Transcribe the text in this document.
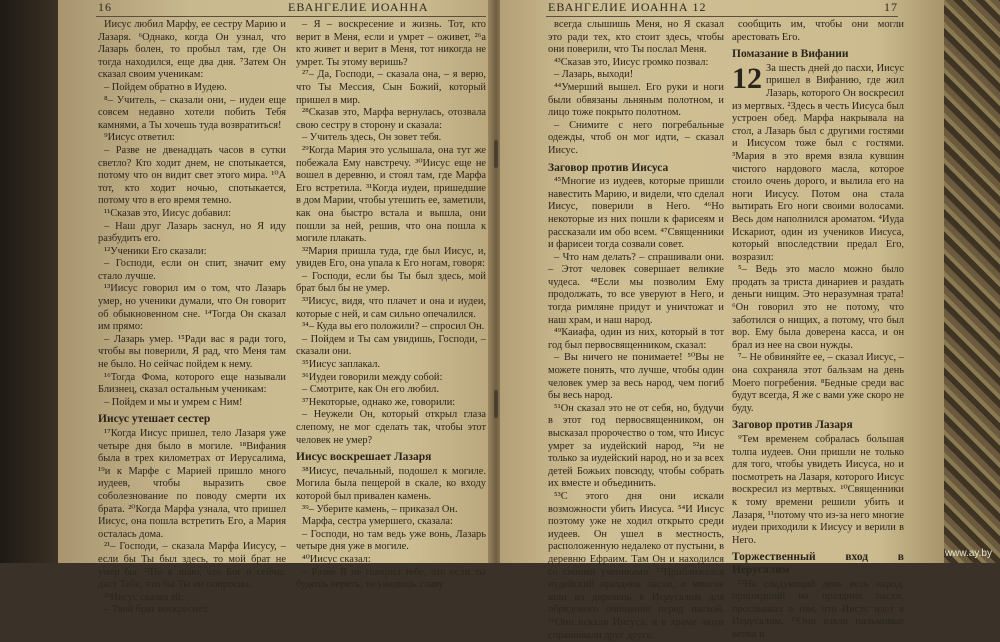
16	ЕВАНГЕЛИЕ ИОАННА

Иисус любил Марфу, ее сестру Марию и Лазаря. ⁶Однако, когда Он узнал, что Лазарь болен, то пробыл там, где Он тогда находился, еще два дня. ⁷Затем Он сказал своим ученикам:

– Пойдем обратно в Иудею.

⁸– Учитель, – сказали они, – иудеи еще совсем недавно хотели побить Тебя камнями, а Ты хочешь туда возвратиться!

⁹Иисус ответил:

– Разве не двенадцать часов в сутки светло? Кто ходит днем, не спотыкается, потому что он видит свет этого мира. ¹⁰А тот, кто ходит ночью, спотыкается, потому что в его время темно.

¹¹Сказав это, Иисус добавил:

– Наш друг Лазарь заснул, но Я иду разбудить его.

¹²Ученики Его сказали:

– Господи, если он спит, значит ему стало лучше.

¹³Иисус говорил им о том, что Лазарь умер, но ученики думали, что Он говорит об обыкновенном сне. ¹⁴Тогда Он сказал им прямо:

– Лазарь умер. ¹⁵Ради вас я ради того, чтобы вы поверили, Я рад, что Меня там не было. Но сейчас пойдем к нему.

¹⁶Тогда Фома, которого еще называли Близнец, сказал остальным ученикам:

– Пойдем и мы и умрем с Ним!

Иисус утешает сестер

¹⁷Когда Иисус пришел, тело Лазаря уже четыре дня было в могиле. ¹⁸Вифания была в трех километрах от Иерусалима, ¹⁹и к Марфе с Марией пришло много иудеев, чтобы выразить свое соболезнование по поводу смерти их брата. ²⁰Когда Марфа узнала, что пришел Иисус, она пошла встретить Его, а Мария осталась дома.

²¹– Господи, – сказала Марфа Иисусу, – если бы Ты был здесь, то мой брат не умер бы. ²²Но я знаю, что Бог и сейчас даст Тебе, что бы Ты ни попросил.

²³Иисус сказал ей:

– Твой брат воскреснет.

– Я – воскресение и жизнь. Тот, кто верит в Меня, если и умрет – оживет, ²⁶а кто живет и верит в Меня, тот никогда не умрет. Ты этому веришь?

²⁷– Да, Господи, – сказала она, – я верю, что Ты Мессия, Сын Божий, который пришел в мир.

²⁸Сказав это, Марфа вернулась, отозвала свою сестру в сторону и сказала:

– Учитель здесь, Он зовет тебя.

²⁹Когда Мария это услышала, она тут же побежала Ему навстречу. ³⁰Иисус еще не вошел в деревню, и стоял там, где Марфа Его встретила. ³¹Когда иудеи, пришедшие в дом Марии, чтобы утешить ее, заметили, как она быстро встала и вышла, они пошли за ней, решив, что она пошла к могиле плакать.

³²Мария пришла туда, где был Иисус, и, увидев Его, она упала к Его ногам, говоря:

– Господи, если бы Ты был здесь, мой брат был бы не умер.

³³Иисус, видя, что плачет и она и иудеи, которые с ней, и сам сильно опечалился.

³⁴– Куда вы его положили? – спросил Он.

– Пойдем и Ты сам увидишь, Господи, – сказали они.

³⁵Иисус заплакал.

³⁶Иудеи говорили между собой:

– Смотрите, как Он его любил.

³⁷Некоторые, однако же, говорили:

– Неужели Он, который открыл глаза слепому, не мог сделать так, чтобы этот человек не умер?

Иисус воскрешает Лазаря

³⁸Иисус, печальный, подошел к могиле. Могила была пещерой в скале, ко входу которой был привален камень.

³⁹– Уберите камень, – приказал Он.

Марфа, сестра умершего, сказала:

– Господи, но там ведь уже вонь, Лазарь четыре дня уже в могиле.

⁴⁰Иисус сказал:

– Разве Я не говорил тебе, что если ты будешь верить, то увидишь славу

ЕВАНГЕЛИЕ ИОАННА 12	17

всегда слышишь Меня, но Я сказал это ради тех, кто стоит здесь, чтобы они поверили, что Ты послал Меня.

⁴³Сказав это, Иисус громко позвал:

– Лазарь, выходи!

⁴⁴Умерший вышел. Его руки и ноги были обвязаны льняным полотном, и лицо тоже покрыто полотном.

– Снимите с него погребальные одежды, чтоб он мог идти, – сказал Иисус.

Заговор против Иисуса

⁴⁵Многие из иудеев, которые пришли навестить Марию, и видели, что сделал Иисус, поверили в Него. ⁴⁶Но некоторые из них пошли к фарисеям и рассказали им обо всем. ⁴⁷Священники и фарисеи тогда созвали совет.

– Что нам делать? – спрашивали они. – Этот человек совершает великие чудеса. ⁴⁸Если мы позволим Ему продолжать, то все уверуют в Него, и тогда римляне придут и уничтожат и наш храм, и наш народ.

⁴⁹Каиафа, один из них, который в тот год был первосвященником, сказал:

– Вы ничего не понимаете! ⁵⁰Вы не можете понять, что лучше, чтобы один человек умер за весь народ, чем погиб бы весь народ.

⁵¹Он сказал это не от себя, но, будучи в этот год первосвященником, он высказал пророчество о том, что Иисус умрет за иудейский народ, ⁵²и не только за иудейский народ, но и за всех детей Божьих повсюду, чтобы собрать их вместе и объединить.

⁵³С этого дня они искали возможности убить Иисуса. ⁵⁴И Иисус поэтому уже не ходил открыто среди иудеев. Он ушел в местность, расположенную недалеко от пустыни, в деревню Ефраим. Там Он и находился со своими учениками. ⁵⁵Приближался иудейский праздник пасхи, и многие шли из деревень в Иерусалим для обрядового очищения перед пасхой. ⁵⁶Они искали Иисуса, и в храме люди спрашивали друг друга:

сообщить им, чтобы они могли арестовать Его.

Помазание в Вифании

12 За шесть дней до пасхи, Иисус пришел в Вифанию, где жил Лазарь, которого Он воскресил из мертвых. ²Здесь в честь Иисуса был устроен обед. Марфа накрывала на стол, а Лазарь был с другими гостями и Иисусом тоже был с гостями. ³Мария в это время взяла кувшин чистого нардового масла, которое стоило очень дорого, и вылила его на ноги Иисусу. Потом она стала вытирать Его ноги своими волосами. Весь дом наполнился ароматом. ⁴Иуда Искариот, один из учеников Иисуса, который впоследствии предал Его, возразил:

⁵– Ведь это масло можно было продать за триста динариев и раздать деньги нищим. Это неразумная трата! ⁶Он говорил это не потому, что заботился о нищих, а потому, что был вор. Ему была доверена касса, и он брал из нее на свои нужды.

⁷– Не обвиняйте ее, – сказал Иисус, – она сохраняла этот бальзам на день Моего погребения. ⁸Бедные среди вас будут всегда, Я же с вами уже скоро не буду.

Заговор против Лазаря

⁹Тем временем собралась большая толпа иудеев. Они пришли не только для того, чтобы увидеть Иисуса, но и посмотреть на Лазаря, которого Иисус воскресил из мертвых. ¹⁰Священники к тому времени решили убить и Лазаря, ¹¹потому что из-за него многие иудеи приходили к Иисусу и верили в Него.

Торжественный вход в Иерусалим

¹²На следующий день весь народ, пришедший на праздник пасхи, прослышал о том, что Иисус идет в Иерусалим. ¹³Они взяли пальмовые ветви и

www.ay.by
